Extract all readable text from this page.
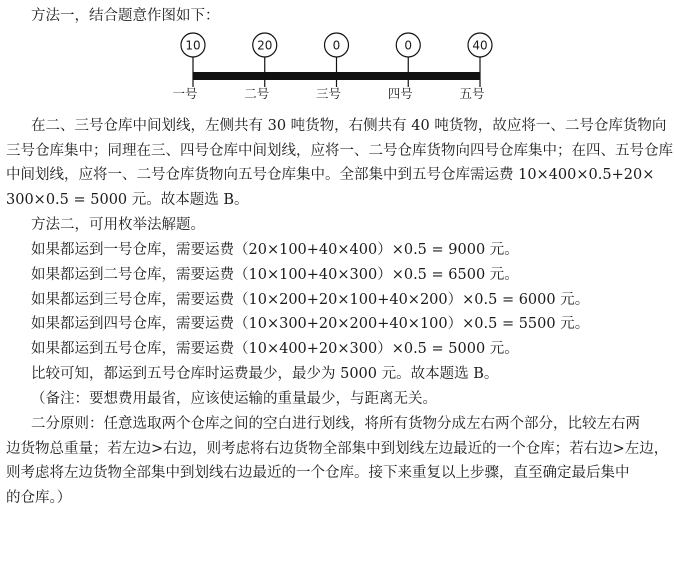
方法一，结合题意作图如下：
10	20	0	0	40
一号	二号	三号	四号	五号
在二、三号仓库中间划线，左侧共有 30 吨货物，右侧共有 40 吨货物，故应将一、二号仓库货物向
三号仓库集中；同理在三、四号仓库中间划线，应将一、二号仓库货物向四号仓库集中；在四、五号仓库
中间划线，应将一、二号仓库货物向五号仓库集中。全部集中到五号仓库需运费 10×400×0.5+20×
300×0.5 = 5000 元。故本题选 B。
方法二，可用枚举法解题。
如果都运到一号仓库，需要运费（20×100+40×400）×0.5 = 9000 元。
如果都运到二号仓库，需要运费（10×100+40×300）×0.5 = 6500 元。
如果都运到三号仓库，需要运费（10×200+20×100+40×200）×0.5 = 6000 元。
如果都运到四号仓库，需要运费（10×300+20×200+40×100）×0.5 = 5500 元。
如果都运到五号仓库，需要运费（10×400+20×300）×0.5 = 5000 元。
比较可知，都运到五号仓库时运费最少，最少为 5000 元。故本题选 B。
（备注：要想费用最省，应该使运输的重量最少，与距离无关。
二分原则：任意选取两个仓库之间的空白进行划线，将所有货物分成左右两个部分，比较左右两
边货物总重量；若左边>右边，则考虑将右边货物全部集中到划线左边最近的一个仓库；若右边>左边，
则考虑将左边货物全部集中到划线右边最近的一个仓库。接下来重复以上步骤，直至确定最后集中
的仓库。）
